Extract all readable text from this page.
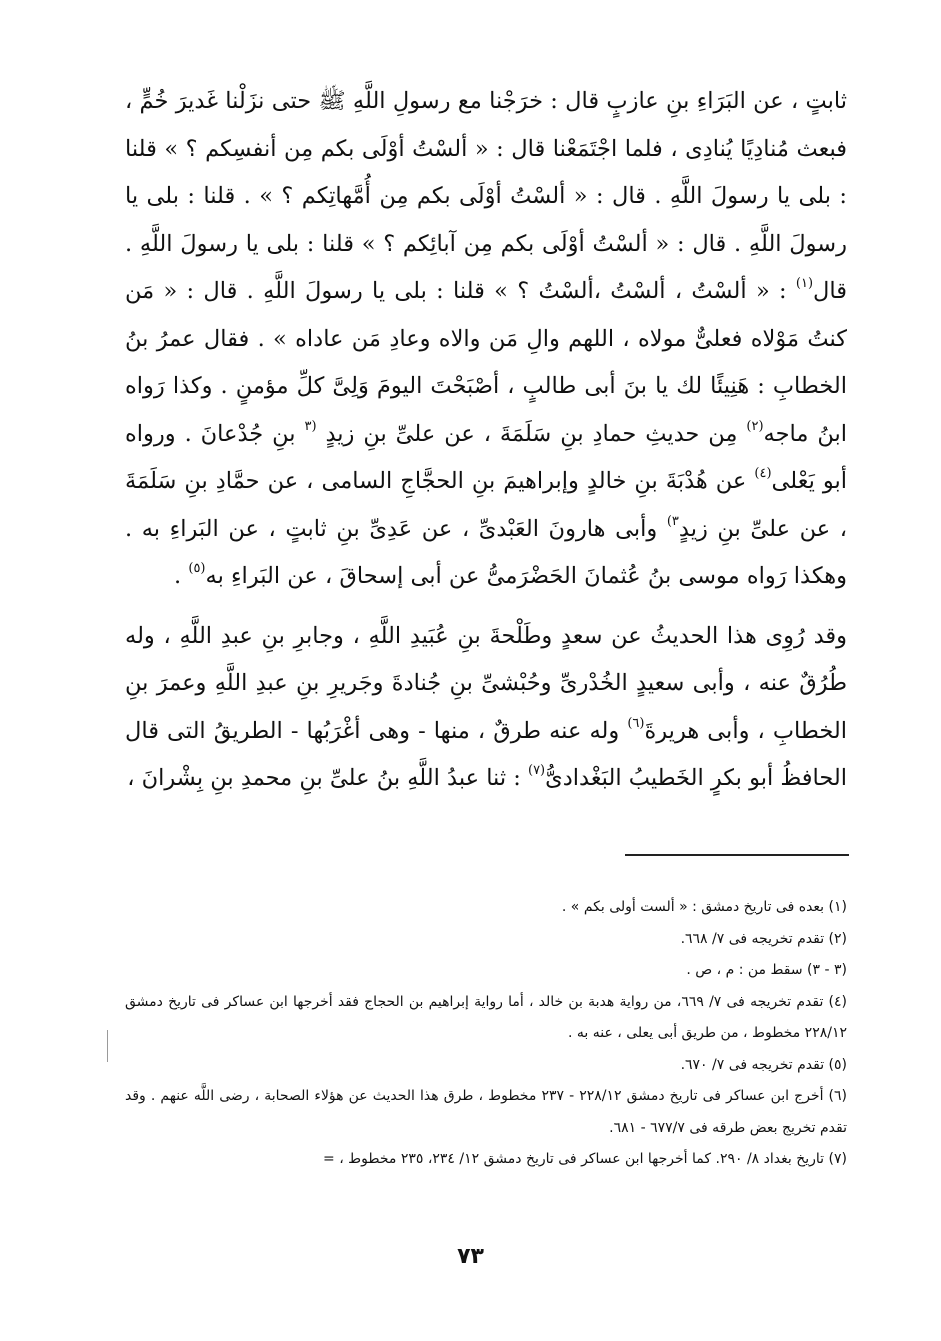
ثابتٍ ، عن البَرَاءِ بنِ عازبٍ قال : خرَجْنا مع رسولِ اللَّهِ ﷺ حتى نزَلْنا غَديرَ خُمٍّ ، فبعث مُنادِيًا يُنادِى ، فلما اجْتَمَعْنا قال : « ألسْتُ أوْلَى بكم مِن أنفسِكم ؟ » قلنا : بلى يا رسولَ اللَّهِ . قال : « ألسْتُ أوْلَى بكم مِن أُمَّهاتِكم ؟ » . قلنا : بلى يا رسولَ اللَّهِ . قال : « ألسْتُ أوْلَى بكم مِن آبائِكم ؟ » قلنا : بلى يا رسولَ اللَّهِ . قال$^{(١)}$ : « ألسْتُ ، ألسْتُ ،ألسْتُ ؟ » قلنا : بلى يا رسولَ اللَّهِ . قال : « مَن كنتُ مَوْلاه فعلىٌّ مولاه ، اللهم والِ مَن والاه وعادِ مَن عاداه » . فقال عمرُ بنُ الخطابِ : هَنِيئًا لك يا بنَ أبى طالبٍ ، أصْبَحْتَ اليومَ وَلِىَّ كلِّ مؤمنٍ . وكذا رَواه ابنُ ماجه$^{(٢)}$ مِن حديثِ حمادِ بنِ سَلَمَةَ ، عن علىِّ بنِ زيدٍ $^{(٣}$ بنِ جُدْعانَ . ورواه أبو يَعْلى$^{(٤)}$ عن هُدْبَةَ بنِ خالدٍ وإبراهيمَ بنِ الحجَّاجِ السامى ، عن حمَّادِ بنِ سَلَمَةَ ، عن علىِّ بنِ زيدٍ$^{٣)}$ وأبى هارونَ العَبْدىِّ ، عن عَدِىِّ بنِ ثابتٍ ، عن البَراءِ به . وهكذا رَواه موسى بنُ عُثمانَ الحَضْرَمىُّ عن أبى إسحاقَ ، عن البَراءِ به$^{(٥)}$ .

وقد رُوِى هذا الحديثُ عن سعدٍ وطَلْحةَ بنِ عُبَيدِ اللَّهِ ، وجابرِ بنِ عبدِ اللَّهِ ، وله طُرُقٌ عنه ، وأبى سعيدٍ الخُدْرىِّ وحُبْشىِّ بنِ جُنادةَ وجَريرِ بنِ عبدِ اللَّهِ وعمرَ بنِ الخطابِ ، وأبى هريرةَ$^{(٦)}$ وله عنه طرقٌ ، منها - وهى أغْرَبُها - الطريقُ التى قال الحافظُ أبو بكرٍ الخَطيبُ البَغْدادىُّ$^{(٧)}$ : ثنا عبدُ اللَّهِ بنُ علىِّ بنِ محمدِ بنِ بِشْرانَ ،

(١) بعده فى تاريخ دمشق : « ألست أولى بكم » .
(٢) تقدم تخريجه فى ٧/ ٦٦٨.
(٣ - ٣) سقط من : م ، ص .
(٤) تقدم تخريجه فى ٧/ ٦٦٩، من رواية هدبة بن خالد ، أما رواية إبراهيم بن الحجاج فقد أخرجها ابن عساكر فى تاريخ دمشق ٢٢٨/١٢ مخطوط ، من طريق أبى يعلى ، عنه به .
(٥) تقدم تخريجه فى ٧/ ٦٧٠.
(٦) أخرج ابن عساكر فى تاريخ دمشق ٢٢٨/١٢ - ٢٣٧ مخطوط ، طرق هذا الحديث عن هؤلاء الصحابة ، رضى اللَّه عنهم . وقد تقدم تخريج بعض طرقه فى ٦٧٧/٧ - ٦٨١.
(٧) تاريخ بغداد ٨/ ٢٩٠. كما أخرجها ابن عساكر فى تاريخ دمشق ١٢/ ٢٣٤، ٢٣٥ مخطوط ، =
٧٣
